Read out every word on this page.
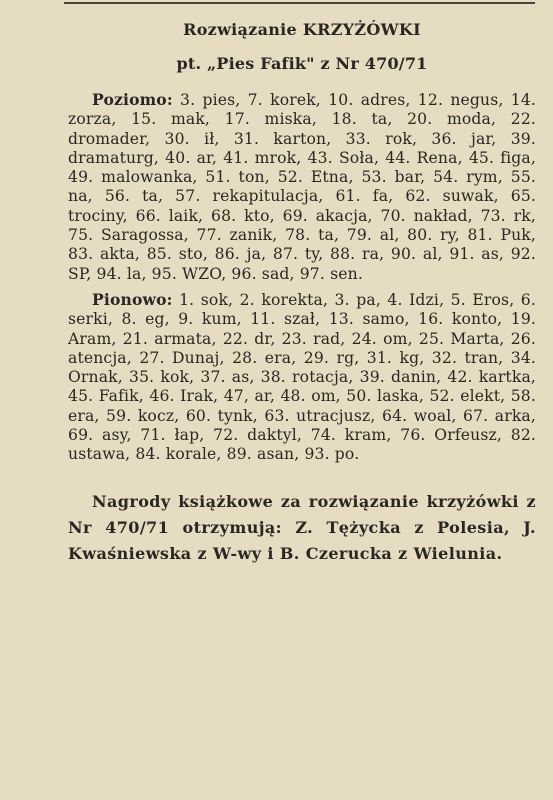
Rozwiązanie KRZYŻÓWKI
pt. „Pies Fafik" z Nr 470/71

Poziomo: 3. pies, 7. korek, 10. adres, 12. negus, 14. zorza, 15. mak, 17. miska, 18. ta, 20. moda, 22. dromader, 30. ił, 31. karton, 33. rok, 36. jar, 39. dramaturg, 40. ar, 41. mrok, 43. Soła, 44. Rena, 45. figa, 49. malowanka, 51. ton, 52. Etna, 53. bar, 54. rym, 55. na, 56. ta, 57. rekapitulacja, 61. fa, 62. suwak, 65. trociny, 66. laik, 68. kto, 69. akacja, 70. nakład, 73. rk, 75. Saragossa, 77. zanik, 78. ta, 79. al, 80. ry, 81. Puk, 83. akta, 85. sto, 86. ja, 87. ty, 88. ra, 90. al, 91. as, 92. SP, 94. la, 95. WZO, 96. sad, 97. sen.

Pionowo: 1. sok, 2. korekta, 3. pa, 4. Idzi, 5. Eros, 6. serki, 8. eg, 9. kum, 11. szał, 13. samo, 16. konto, 19. Aram, 21. armata, 22. dr, 23. rad, 24. om, 25. Marta, 26. atencja, 27. Dunaj, 28. era, 29. rg, 31. kg, 32. tran, 34. Ornak, 35. kok, 37. as, 38. rotacja, 39. danin, 42. kartka, 45. Fafik, 46. Irak, 47, ar, 48. om, 50. laska, 52. elekt, 58. era, 59. kocz, 60. tynk, 63. utracjusz, 64. woal, 67. arka, 69. asy, 71. łap, 72. daktyl, 74. kram, 76. Orfeusz, 82. ustawa, 84. korale, 89. asan, 93. po.

Nagrody książkowe za rozwiązanie krzyżówki z Nr 470/71 otrzymują: Z. Tężycka z Polesia, J. Kwaśniewska z W-wy i B. Czerucka z Wielunia.
